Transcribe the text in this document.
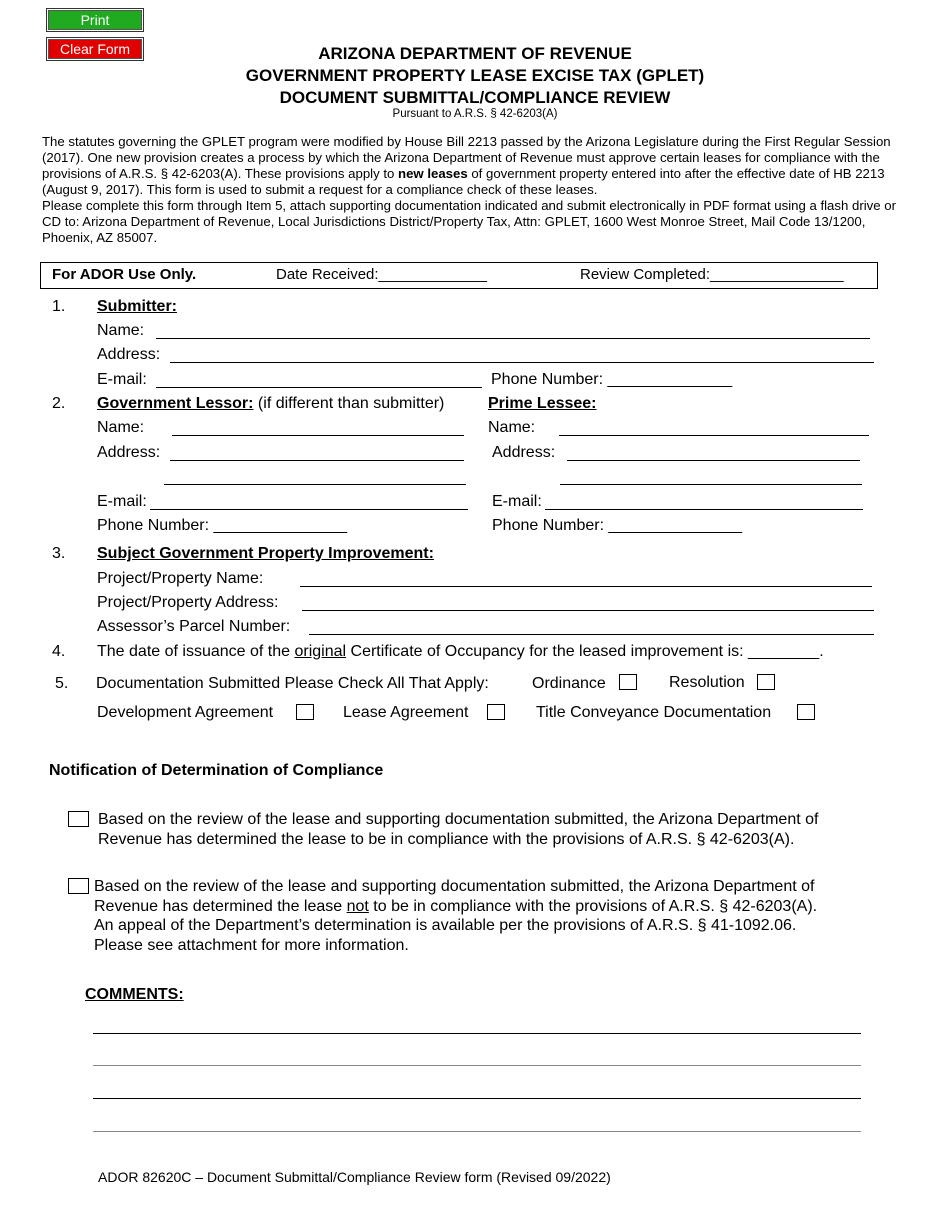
Print
Clear Form	ARIZONA DEPARTMENT OF REVENUE
GOVERNMENT PROPERTY LEASE EXCISE TAX (GPLET)
DOCUMENT SUBMITTAL/COMPLIANCE REVIEW
Pursuant to A.R.S. § 42-6203(A)

The statutes governing the GPLET program were modified by House Bill 2213 passed by the Arizona Legislature during the First Regular Session (2017). One new provision creates a process by which the Arizona Department of Revenue must approve certain leases for compliance with the provisions of A.R.S. § 42-6203(A). These provisions apply to new leases of government property entered into after the effective date of HB 2213 (August 9, 2017). This form is used to submit a request for a compliance check of these leases.

Please complete this form through Item 5, attach supporting documentation indicated and submit electronically in PDF format using a flash drive or CD to: Arizona Department of Revenue, Local Jurisdictions District/Property Tax, Attn: GPLET, 1600 West Monroe Street, Mail Code 13/1200, Phoenix, AZ 85007.

For ADOR Use Only.	Date Received:_____________	Review Completed:________________
1. Submitter:
Name:
Address:
E-mail:	Phone Number: ______________
2. Government Lessor: (if different than submitter)	Prime Lessee:
Name:	Name:
Address:	Address:
E-mail:	E-mail:
Phone Number: _______________	Phone Number: _______________
3. Subject Government Property Improvement:
Project/Property Name:
Project/Property Address:
Assessor’s Parcel Number:
4. The date of issuance of the original Certificate of Occupancy for the leased improvement is: ________.
5. Documentation Submitted Please Check All That Apply:	Ordinance	Resolution
Development Agreement	Lease Agreement	Title Conveyance Documentation
Notification of Determination of Compliance
Based on the review of the lease and supporting documentation submitted, the Arizona Department of
Revenue has determined the lease to be in compliance with the provisions of A.R.S. § 42-6203(A).
Based on the review of the lease and supporting documentation submitted, the Arizona Department of
Revenue has determined the lease not to be in compliance with the provisions of A.R.S. § 42-6203(A).
An appeal of the Department’s determination is available per the provisions of A.R.S. § 41-1092.06.
Please see attachment for more information.
COMMENTS:
ADOR 82620C – Document Submittal/Compliance Review form (Revised 09/2022)
